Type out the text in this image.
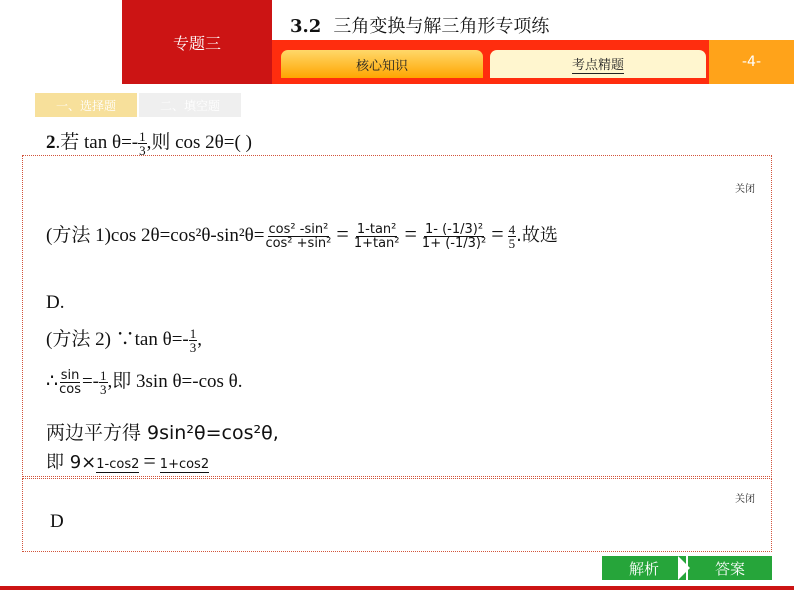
专题三
3.2 三角变换与解三角形专项练
核心知识	考点精题	-4-
一、选择题	二、填空题
2.若 $\tan \theta=- \frac{1}{3}$ ,则 cos 2θ=( )
关闭
(方法 1)cos $2\theta=\cos^2\theta-\sin^2\theta= \frac{\text{cos² -sin²}}{\text{cos² +sin²}} = \frac{\text{1-tan²}}{\text{1+tan²}} = \frac{\text{1- (-1/3)²}}{\text{1+ (-1/3)²}} = \frac{4}{5}$ .故选
D.
(方法 2) ∵tan $\theta=- \frac{1}{3}$ ,
∴ $\frac{\sin}{\cos} =- \frac{1}{3}$ ,即 3sin θ=-cos θ.
两边平方得 9sin²θ=cos²θ,
即 9×1-cos2 = 1+cos2
关闭
D
解析	答案
